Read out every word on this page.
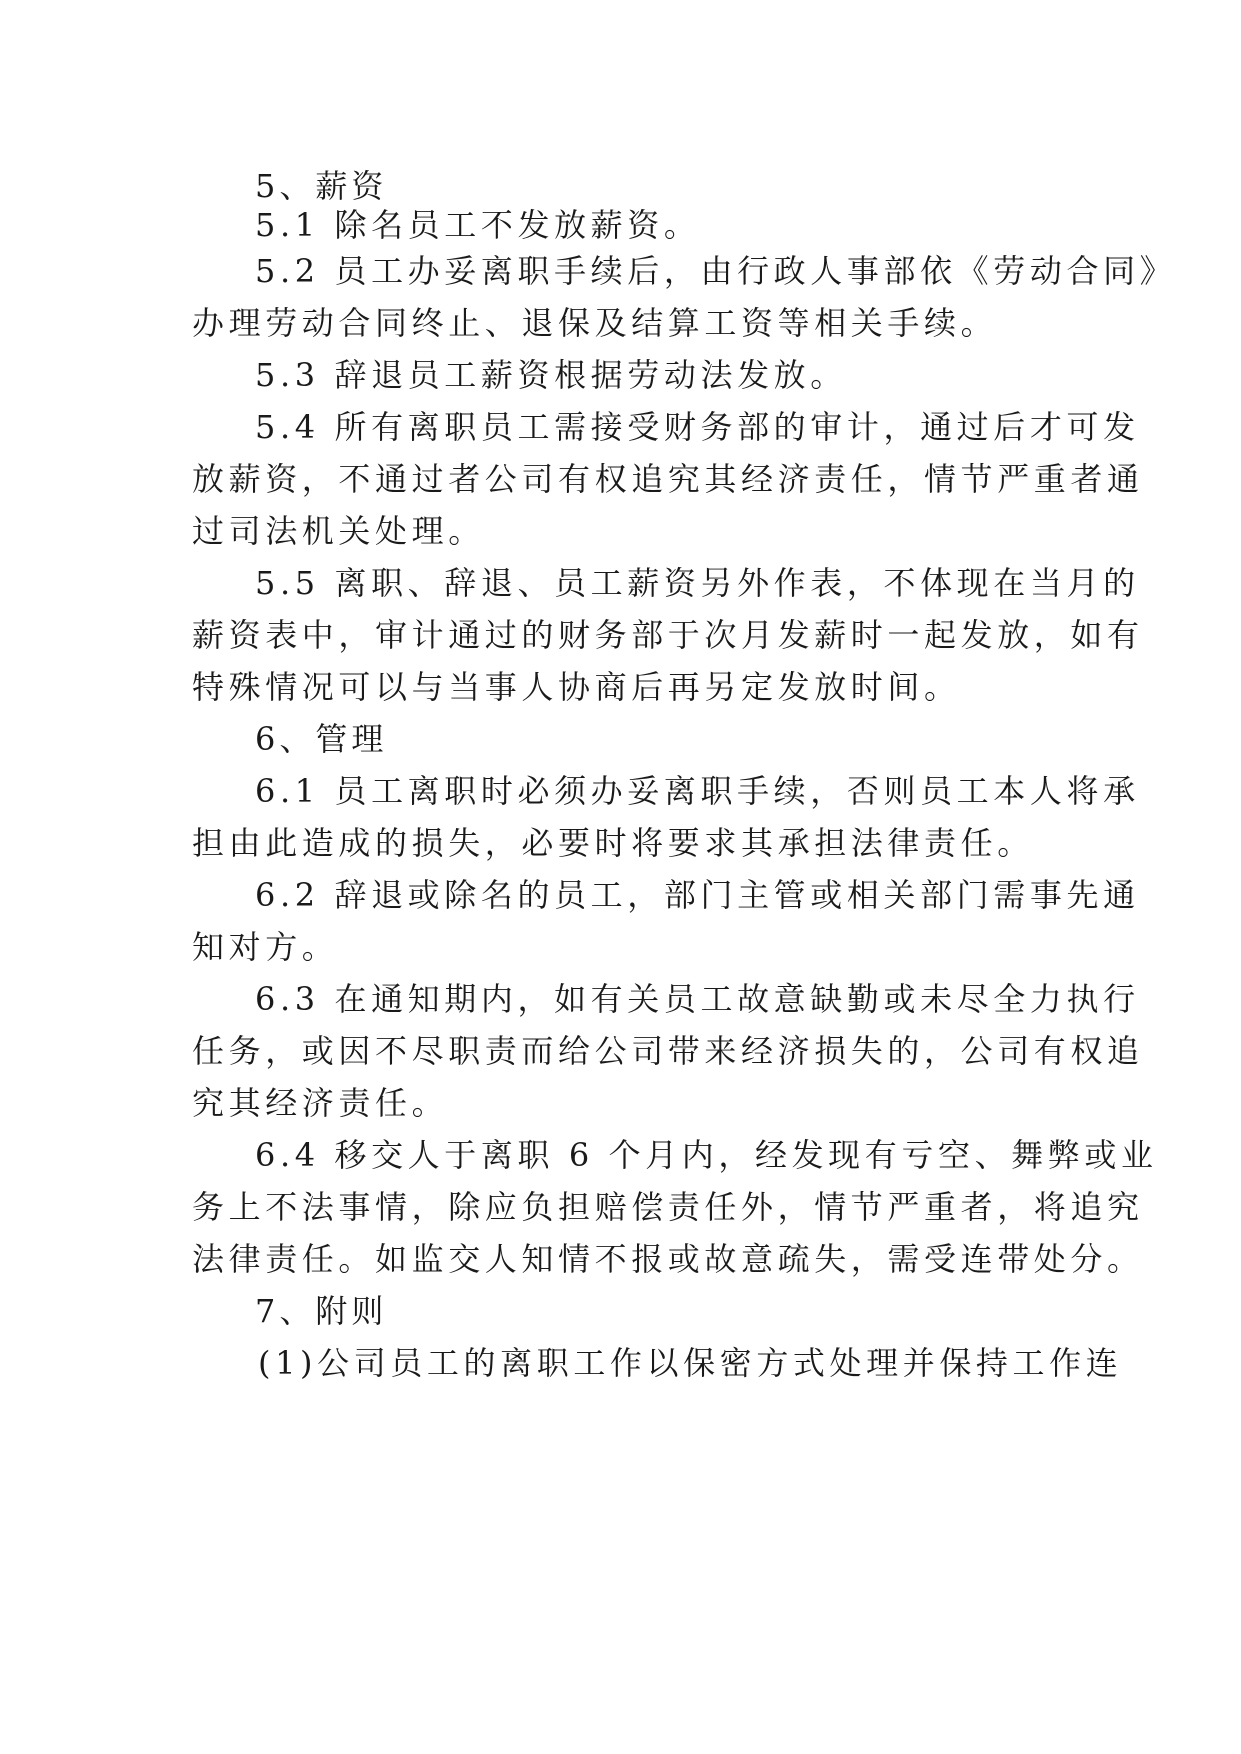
5、薪资
5.1 除名员工不发放薪资。
5.2 员工办妥离职手续后，由行政人事部依《劳动合同》
办理劳动合同终止、退保及结算工资等相关手续。
5.3 辞退员工薪资根据劳动法发放。
5.4 所有离职员工需接受财务部的审计，通过后才可发
放薪资，不通过者公司有权追究其经济责任，情节严重者通
过司法机关处理。
5.5 离职、辞退、员工薪资另外作表，不体现在当月的
薪资表中，审计通过的财务部于次月发薪时一起发放，如有
特殊情况可以与当事人协商后再另定发放时间。
6、管理
6.1 员工离职时必须办妥离职手续，否则员工本人将承
担由此造成的损失，必要时将要求其承担法律责任。
6.2 辞退或除名的员工，部门主管或相关部门需事先通
知对方。
6.3 在通知期内，如有关员工故意缺勤或未尽全力执行
任务，或因不尽职责而给公司带来经济损失的，公司有权追
究其经济责任。
6.4 移交人于离职 6 个月内，经发现有亏空、舞弊或业
务上不法事情，除应负担赔偿责任外，情节严重者，将追究
法律责任。如监交人知情不报或故意疏失，需受连带处分。
7、附则
(1)公司员工的离职工作以保密方式处理并保持工作连
